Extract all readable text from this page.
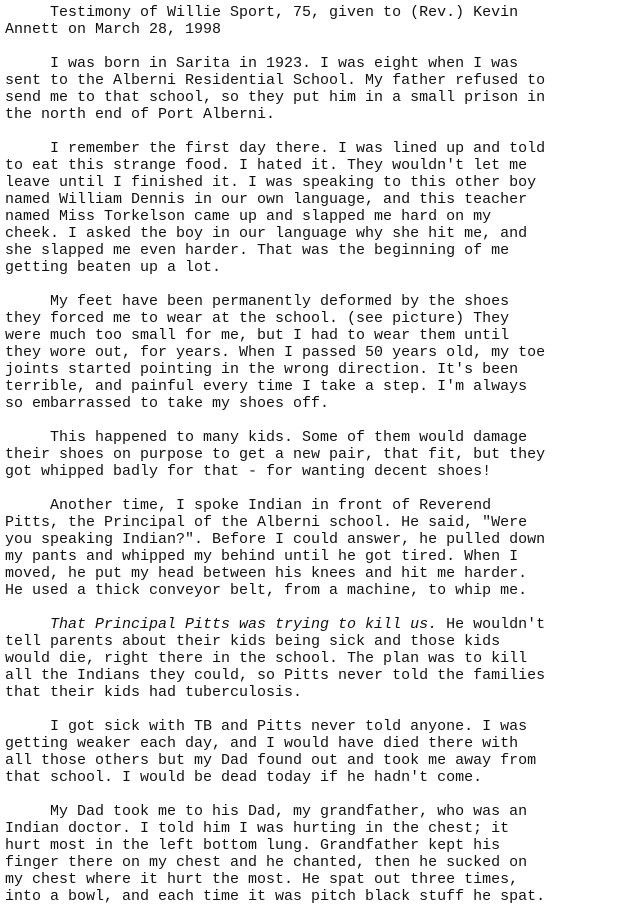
Testimony of Willie Sport, 75, given to (Rev.) Kevin

Annett on March 28, 1998

I was born in Sarita in 1923. I was eight when I was

sent to the Alberni Residential School. My father refused to

send me to that school, so they put him in a small prison in

the north end of Port Alberni.

I remember the first day there. I was lined up and told

to eat this strange food. I hated it. They wouldn't let me

leave until I finished it. I was speaking to this other boy

named William Dennis in our own language, and this teacher

named Miss Torkelson came up and slapped me hard on my

cheek. I asked the boy in our language why she hit me, and

she slapped me even harder. That was the beginning of me

getting beaten up a lot.

My feet have been permanently deformed by the shoes

they forced me to wear at the school. (see picture) They

were much too small for me, but I had to wear them until

they wore out, for years. When I passed 50 years old, my toe

joints started pointing in the wrong direction. It's been

terrible, and painful every time I take a step. I'm always

so embarrassed to take my shoes off.

This happened to many kids. Some of them would damage

their shoes on purpose to get a new pair, that fit, but they

got whipped badly for that - for wanting decent shoes!

Another time, I spoke Indian in front of Reverend

Pitts, the Principal of the Alberni school. He said, "Were

you speaking Indian?". Before I could answer, he pulled down

my pants and whipped my behind until he got tired. When I

moved, he put my head between his knees and hit me harder.

He used a thick conveyor belt, from a machine, to whip me.

That Principal Pitts was trying to kill us. He wouldn't

tell parents about their kids being sick and those kids

would die, right there in the school. The plan was to kill

all the Indians they could, so Pitts never told the families

that their kids had tuberculosis.

I got sick with TB and Pitts never told anyone. I was

getting weaker each day, and I would have died there with

all those others but my Dad found out and took me away from

that school. I would be dead today if he hadn't come.

My Dad took me to his Dad, my grandfather, who was an

Indian doctor. I told him I was hurting in the chest; it

hurt most in the left bottom lung. Grandfather kept his

finger there on my chest and he chanted, then he sucked on

my chest where it hurt the most. He spat out three times,

into a bowl, and each time it was pitch black stuff he spat.
